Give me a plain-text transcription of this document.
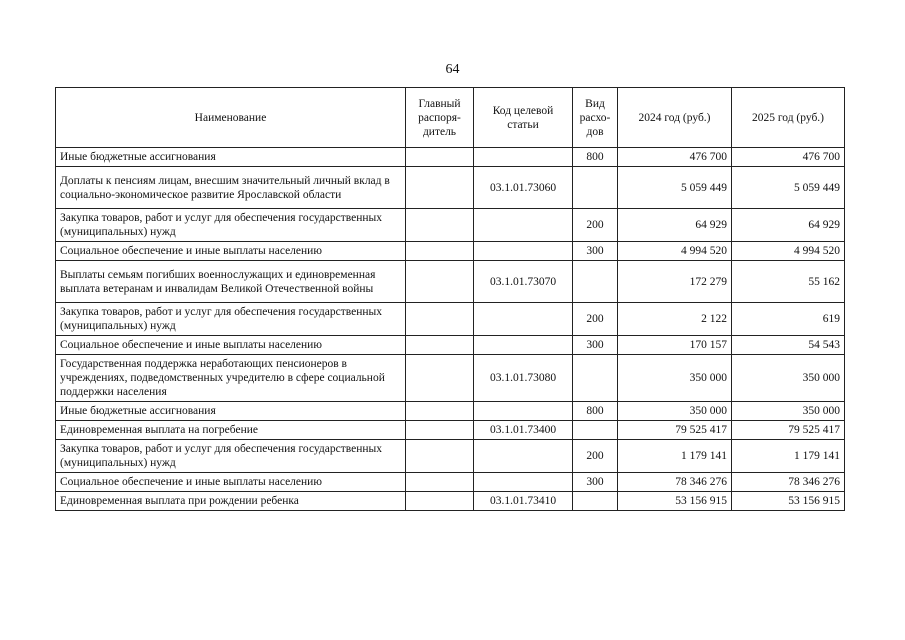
64
Наименование	Главный распоря-дитель	Код целевой статьи	Вид расхо-дов	2024 год (руб.)	2025 год (руб.)
Иные бюджетные ассигнования			800	476 700	476 700
Доплаты к пенсиям лицам, внесшим значительный личный вклад в социально-экономическое развитие Ярославской области		03.1.01.73060		5 059 449	5 059 449
Закупка товаров, работ и услуг для обеспечения государственных (муниципальных) нужд			200	64 929	64 929
Социальное обеспечение и иные выплаты населению			300	4 994 520	4 994 520
Выплаты семьям погибших военнослужащих и единовременная выплата ветеранам и инвалидам Великой Отечественной войны		03.1.01.73070		172 279	55 162
Закупка товаров, работ и услуг для обеспечения государственных (муниципальных) нужд			200	2 122	619
Социальное обеспечение и иные выплаты населению			300	170 157	54 543
Государственная поддержка неработающих пенсионеров в учреждениях, подведомственных учредителю в сфере социальной поддержки населения		03.1.01.73080		350 000	350 000
Иные бюджетные ассигнования			800	350 000	350 000
Единовременная выплата на погребение		03.1.01.73400		79 525 417	79 525 417
Закупка товаров, работ и услуг для обеспечения государственных (муниципальных) нужд			200	1 179 141	1 179 141
Социальное обеспечение и иные выплаты населению			300	78 346 276	78 346 276
Единовременная выплата при рождении ребенка		03.1.01.73410		53 156 915	53 156 915
